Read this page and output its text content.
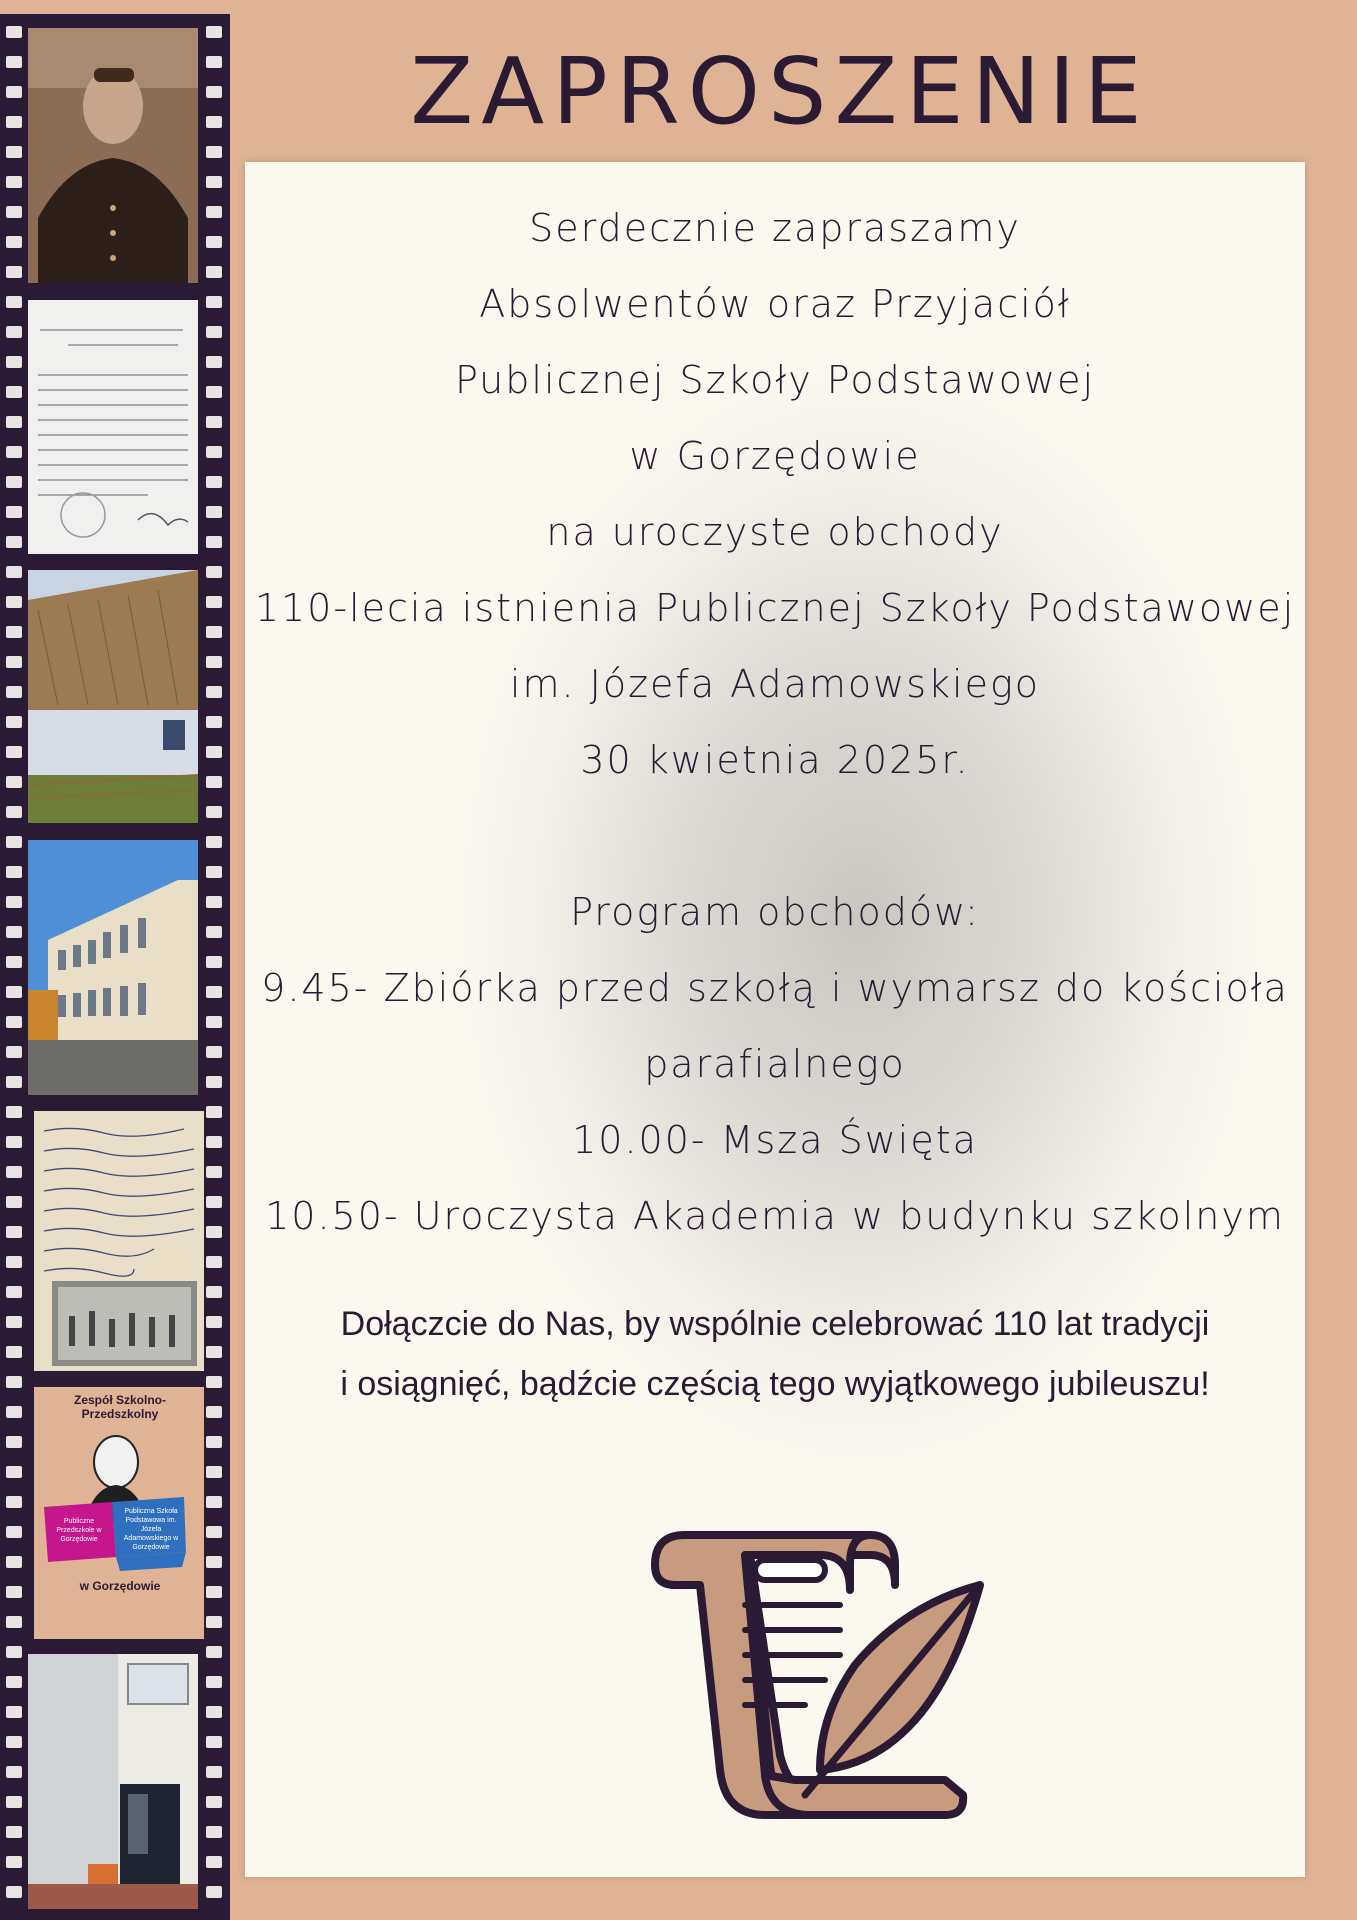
ZAPROSZENIE
Zespół Szkolno-Przedszkolny
Publiczne Przedszkole w Gorzędowie
Publiczna Szkoła Podstawowa im. Józefa Adamowskiego w Gorzędowie
w Gorzędowie

Serdecznie zapraszamy

Absolwentów oraz Przyjaciół

Publicznej Szkoły Podstawowej

w Gorzędowie

na uroczyste obchody

110-lecia istnienia Publicznej Szkoły Podstawowej

im. Józefa Adamowskiego

30 kwietnia 2025r.

Program obchodów:

9.45- Zbiórka przed szkołą i wymarsz do kościoła

parafialnego

10.00- Msza Święta

10.50- Uroczysta Akademia w budynku szkolnym

Dołączcie do Nas, by wspólnie celebrować 110 lat tradycji

i osiągnięć, bądźcie częścią tego wyjątkowego jubileuszu!
